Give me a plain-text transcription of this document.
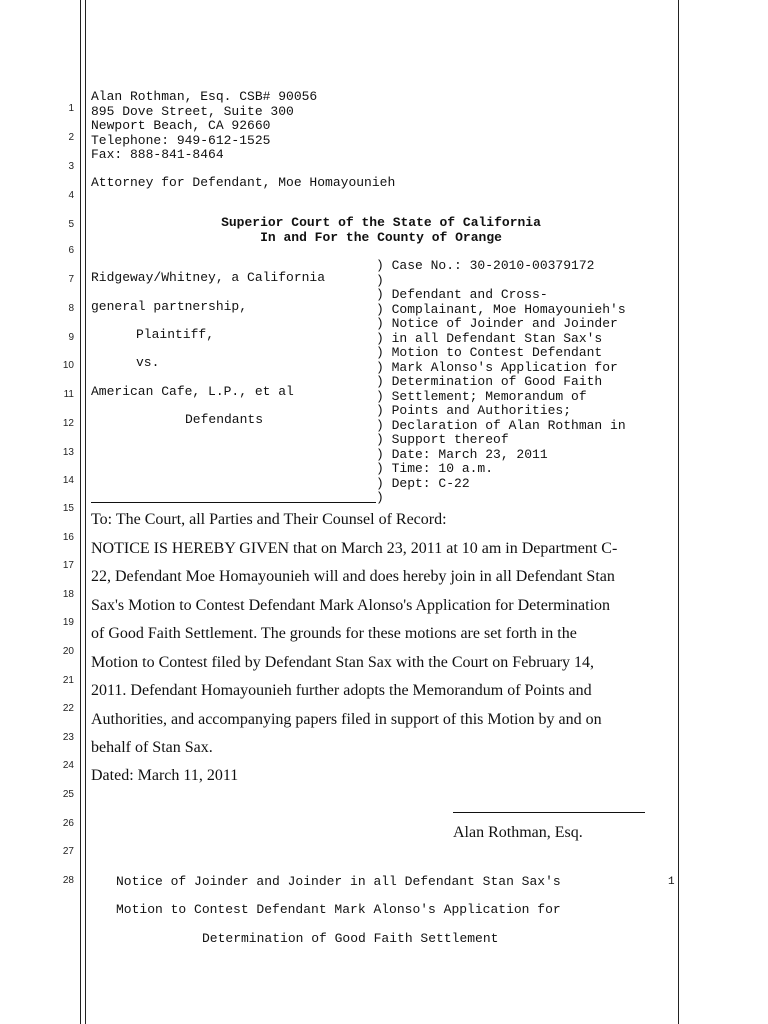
1
2
3
4
5
6
7
8
9
10
11
12
13
14
15
16
17
18
19
20
21
22
23
24
25
26
27
28
Alan Rothman, Esq. CSB# 90056
895 Dove Street, Suite 300
Newport Beach, CA 92660
Telephone: 949-612-1525
Fax: 888-841-8464
Attorney for Defendant, Moe Homayounieh
Superior Court of the State of California
In and For the County of Orange
Ridgeway/Whitney, a California
general partnership,
Plaintiff,
vs.
American Cafe, L.P., et al
Defendants
) Case No.: 30-2010-00379172
)
) Defendant and Cross-
) Complainant, Moe Homayounieh's
) Notice of Joinder and Joinder
) in all Defendant Stan Sax's
) Motion to Contest Defendant
) Mark Alonso's Application for
) Determination of Good Faith
) Settlement; Memorandum of
) Points and Authorities;
) Declaration of Alan Rothman in
) Support thereof
) Date: March 23, 2011
) Time: 10 a.m.
) Dept: C-22
)
To: The Court, all Parties and Their Counsel of Record:
NOTICE IS HEREBY GIVEN that on March 23, 2011 at 10 am in Department C-
22, Defendant Moe Homayounieh will and does hereby join in all Defendant Stan
Sax's Motion to Contest Defendant Mark Alonso's Application for Determination
of Good Faith Settlement. The grounds for these motions are set forth in the
Motion to Contest filed by Defendant Stan Sax with the Court on February 14,
2011. Defendant Homayounieh further adopts the Memorandum of Points and
Authorities, and accompanying papers filed in support of this Motion by and on
behalf of Stan Sax.
Dated: March 11, 2011
Alan Rothman, Esq.
Notice of Joinder and Joinder in all Defendant Stan Sax's	1
Motion to Contest Defendant Mark Alonso's Application for
Determination of Good Faith Settlement
